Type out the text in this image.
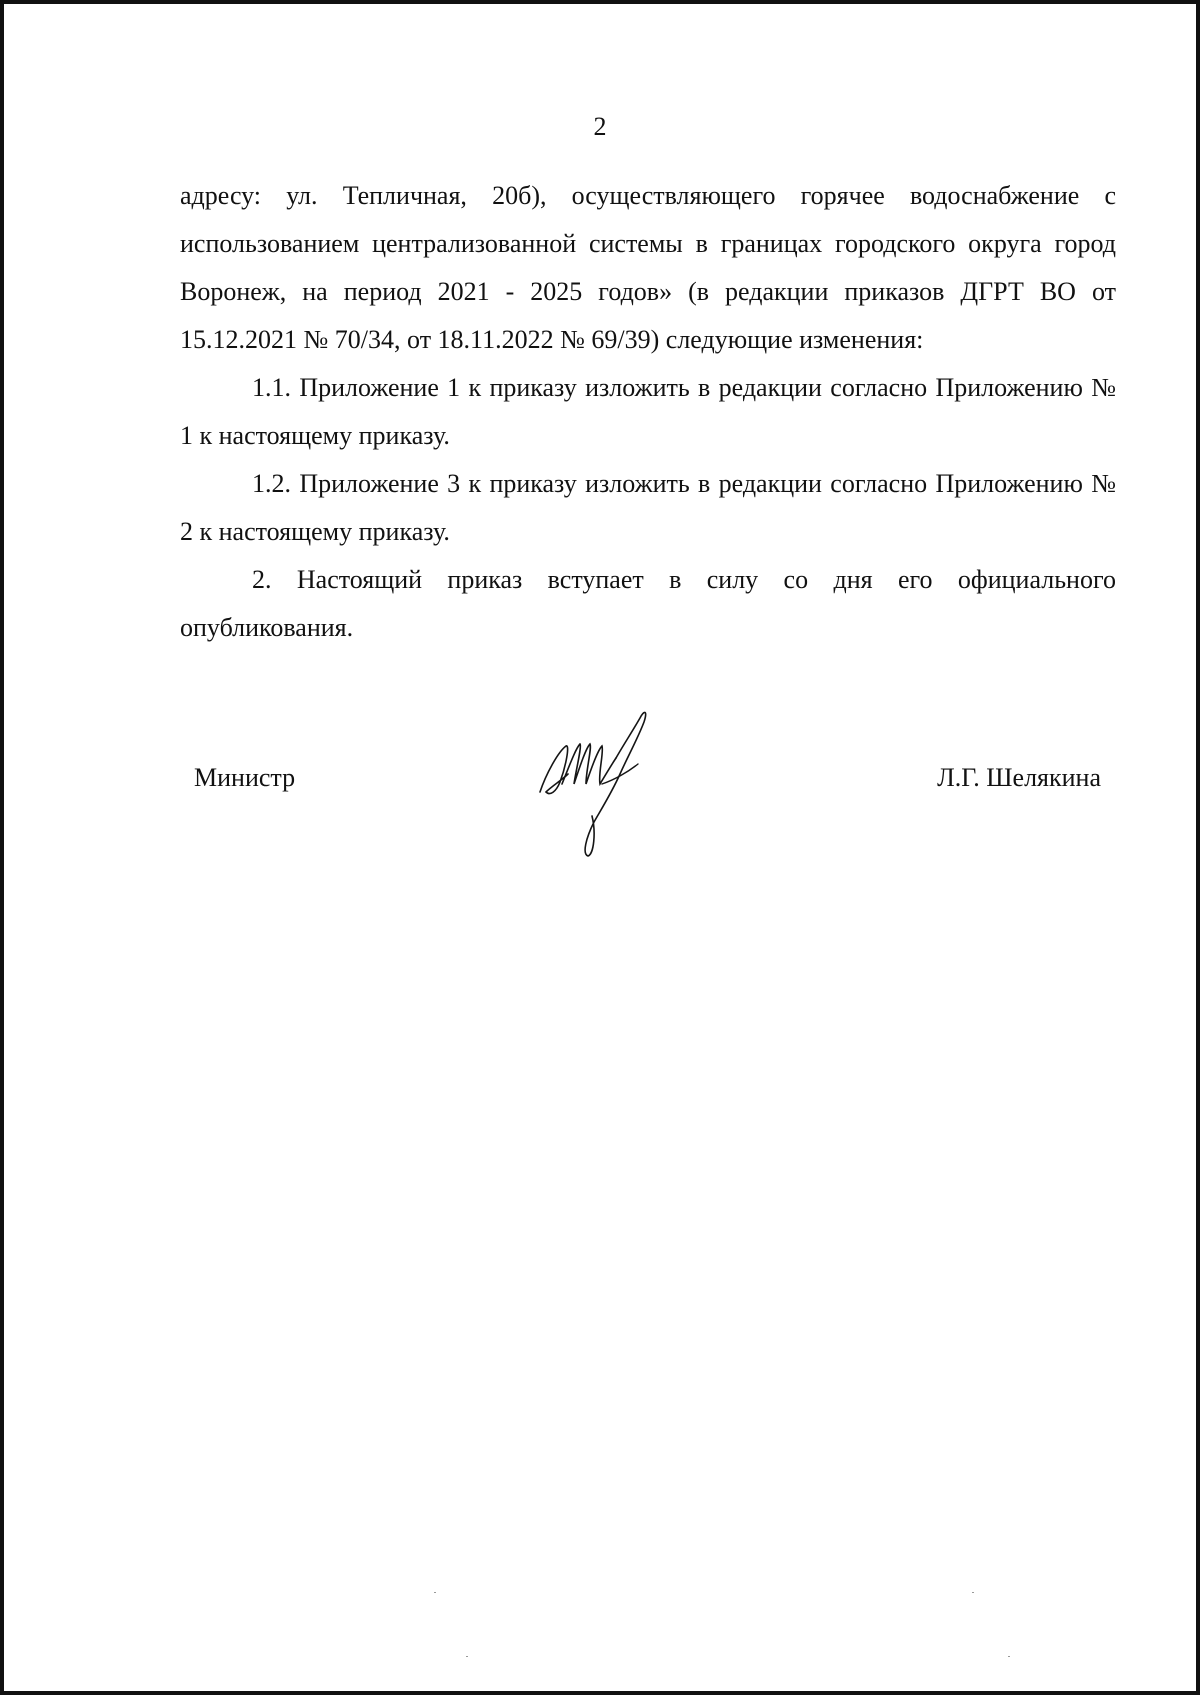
2

адресу: ул. Тепличная, 20б), осуществляющего горячее водоснабжение с использованием централизованной системы в границах городского округа город Воронеж, на период 2021 - 2025 годов» (в редакции приказов ДГРТ ВО от 15.12.2021 № 70/34, от 18.11.2022 № 69/39) следующие изменения:

1.1. Приложение 1 к приказу изложить в редакции согласно Приложению № 1 к настоящему приказу.

1.2. Приложение 3 к приказу изложить в редакции согласно Приложению № 2 к настоящему приказу.

2. Настоящий приказ вступает в силу со дня его официального опубликования.

Министр	Л.Г. Шелякина
